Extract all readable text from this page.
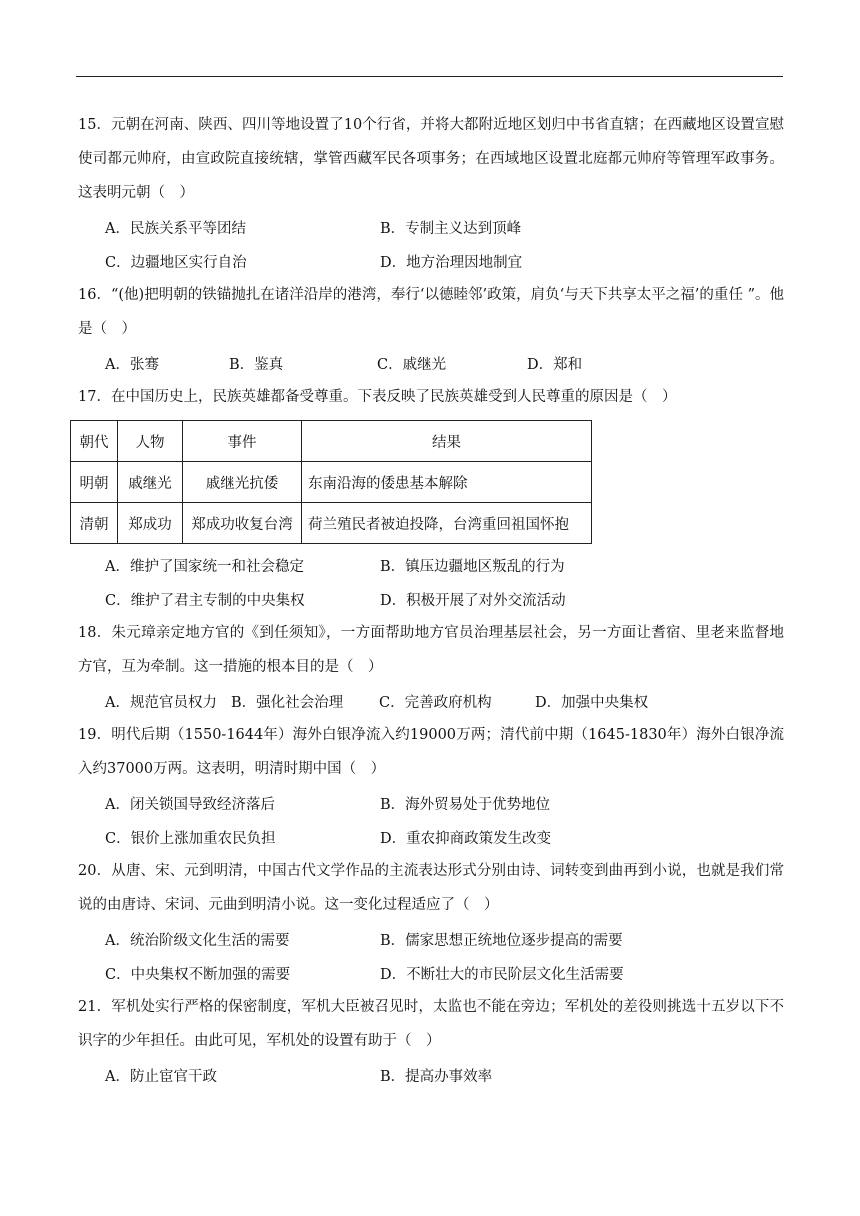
15．元朝在河南、陕西、四川等地设置了10个行省，并将大都附近地区划归中书省直辖；在西藏地区设置宣慰使司都元帅府，由宣政院直接统辖，掌管西藏军民各项事务；在西域地区设置北庭都元帅府等管理军政事务。这表明元朝（　）
A．民族关系平等团结	B．专制主义达到顶峰
C．边疆地区实行自治	D．地方治理因地制宜
16．“(他)把明朝的铁锚抛扎在诸洋沿岸的港湾，奉行‘以德睦邻’政策，肩负‘与天下共享太平之福’的重任 ”。他是（　）
A．张骞	B．鉴真	C．戚继光	D．郑和
17．在中国历史上，民族英雄都备受尊重。下表反映了民族英雄受到人民尊重的原因是（　）
朝代	人物	事件	结果
明朝	戚继光	戚继光抗倭	东南沿海的倭患基本解除
清朝	郑成功	郑成功收复台湾	荷兰殖民者被迫投降，台湾重回祖国怀抱
A．维护了国家统一和社会稳定	B．镇压边疆地区叛乱的行为
C．维护了君主专制的中央集权	D．积极开展了对外交流活动
18．朱元璋亲定地方官的《到任须知》，一方面帮助地方官员治理基层社会，另一方面让耆宿、里老来监督地方官，互为牵制。这一措施的根本目的是（　）
A．规范官员权力 B．强化社会治理	C．完善政府机构	D．加强中央集权
19．明代后期（1550-1644年）海外白银净流入约19000万两；清代前中期（1645-1830年）海外白银净流入约37000万两。这表明，明清时期中国（　）
A．闭关锁国导致经济落后	B．海外贸易处于优势地位
C．银价上涨加重农民负担	D．重农抑商政策发生改变
20．从唐、宋、元到明清，中国古代文学作品的主流表达形式分别由诗、词转变到曲再到小说，也就是我们常说的由唐诗、宋词、元曲到明清小说。这一变化过程适应了（　）
A．统治阶级文化生活的需要	B．儒家思想正统地位逐步提高的需要
C．中央集权不断加强的需要	D．不断壮大的市民阶层文化生活需要
21．军机处实行严格的保密制度，军机大臣被召见时，太监也不能在旁边；军机处的差役则挑选十五岁以下不识字的少年担任。由此可见，军机处的设置有助于（　）
A．防止宦官干政	B．提高办事效率
